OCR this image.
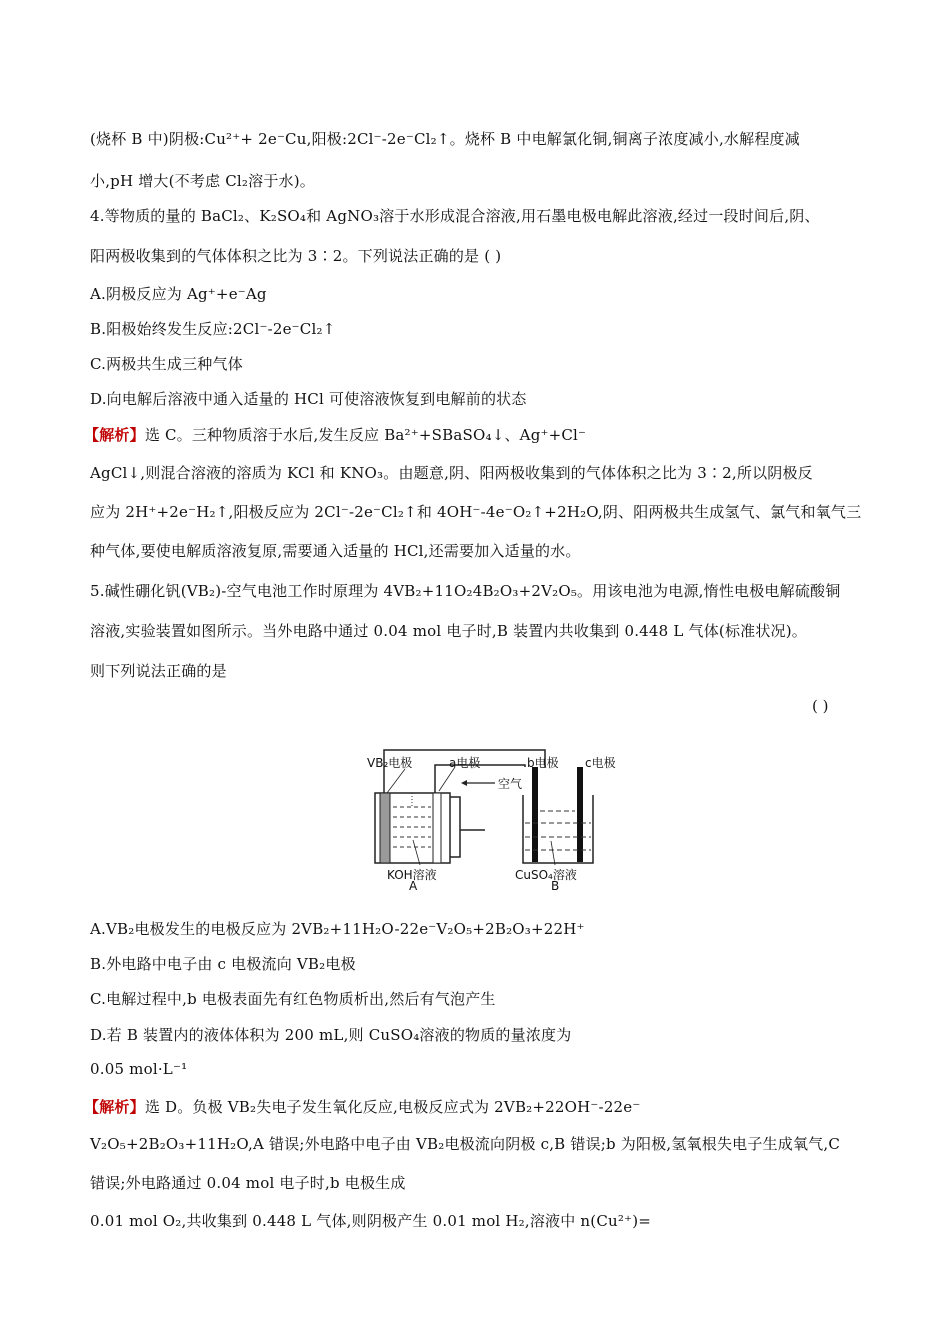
(烧杯 B 中)阴极:Cu²⁺+ 2e⁻Cu,阳极:2Cl⁻-2e⁻Cl₂↑。烧杯 B 中电解氯化铜,铜离子浓度减小,水解程度减
小,pH 增大(不考虑 Cl₂溶于水)。
4.等物质的量的 BaCl₂、K₂SO₄和 AgNO₃溶于水形成混合溶液,用石墨电极电解此溶液,经过一段时间后,阴、
阳两极收集到的气体体积之比为 3∶2。下列说法正确的是 ( )
A.阴极反应为 Ag⁺+e⁻Ag
B.阳极始终发生反应:2Cl⁻-2e⁻Cl₂↑
C.两极共生成三种气体
D.向电解后溶液中通入适量的 HCl 可使溶液恢复到电解前的状态
【解析】选 C。三种物质溶于水后,发生反应 Ba²⁺+SBaSO₄↓、Ag⁺+Cl⁻
AgCl↓,则混合溶液的溶质为 KCl 和 KNO₃。由题意,阴、阳两极收集到的气体体积之比为 3∶2,所以阴极反
应为 2H⁺+2e⁻H₂↑,阳极反应为 2Cl⁻-2e⁻Cl₂↑和 4OH⁻-4e⁻O₂↑+2H₂O,阴、阳两极共生成氢气、氯气和氧气三
种气体,要使电解质溶液复原,需要通入适量的 HCl,还需要加入适量的水。
5.碱性硼化钒(VB₂)-空气电池工作时原理为 4VB₂+11O₂4B₂O₃+2V₂O₅。用该电池为电源,惰性电极电解硫酸铜
溶液,实验装置如图所示。当外电路中通过 0.04 mol 电子时,B 装置内共收集到 0.448 L 气体(标准状况)。
则下列说法正确的是
( )
VB₂电极	a电极
空气
b电极 c电极
KOH溶液	CuSO₄溶液
A	B
A.VB₂电极发生的电极反应为 2VB₂+11H₂O-22e⁻V₂O₅+2B₂O₃+22H⁺
B.外电路中电子由 c 电极流向 VB₂电极
C.电解过程中,b 电极表面先有红色物质析出,然后有气泡产生
D.若 B 装置内的液体体积为 200 mL,则 CuSO₄溶液的物质的量浓度为
0.05 mol·L⁻¹
【解析】选 D。负极 VB₂失电子发生氧化反应,电极反应式为 2VB₂+22OH⁻-22e⁻
V₂O₅+2B₂O₃+11H₂O,A 错误;外电路中电子由 VB₂电极流向阴极 c,B 错误;b 为阳极,氢氧根失电子生成氧气,C
错误;外电路通过 0.04 mol 电子时,b 电极生成
0.01 mol O₂,共收集到 0.448 L 气体,则阴极产生 0.01 mol H₂,溶液中 n(Cu²⁺)=
